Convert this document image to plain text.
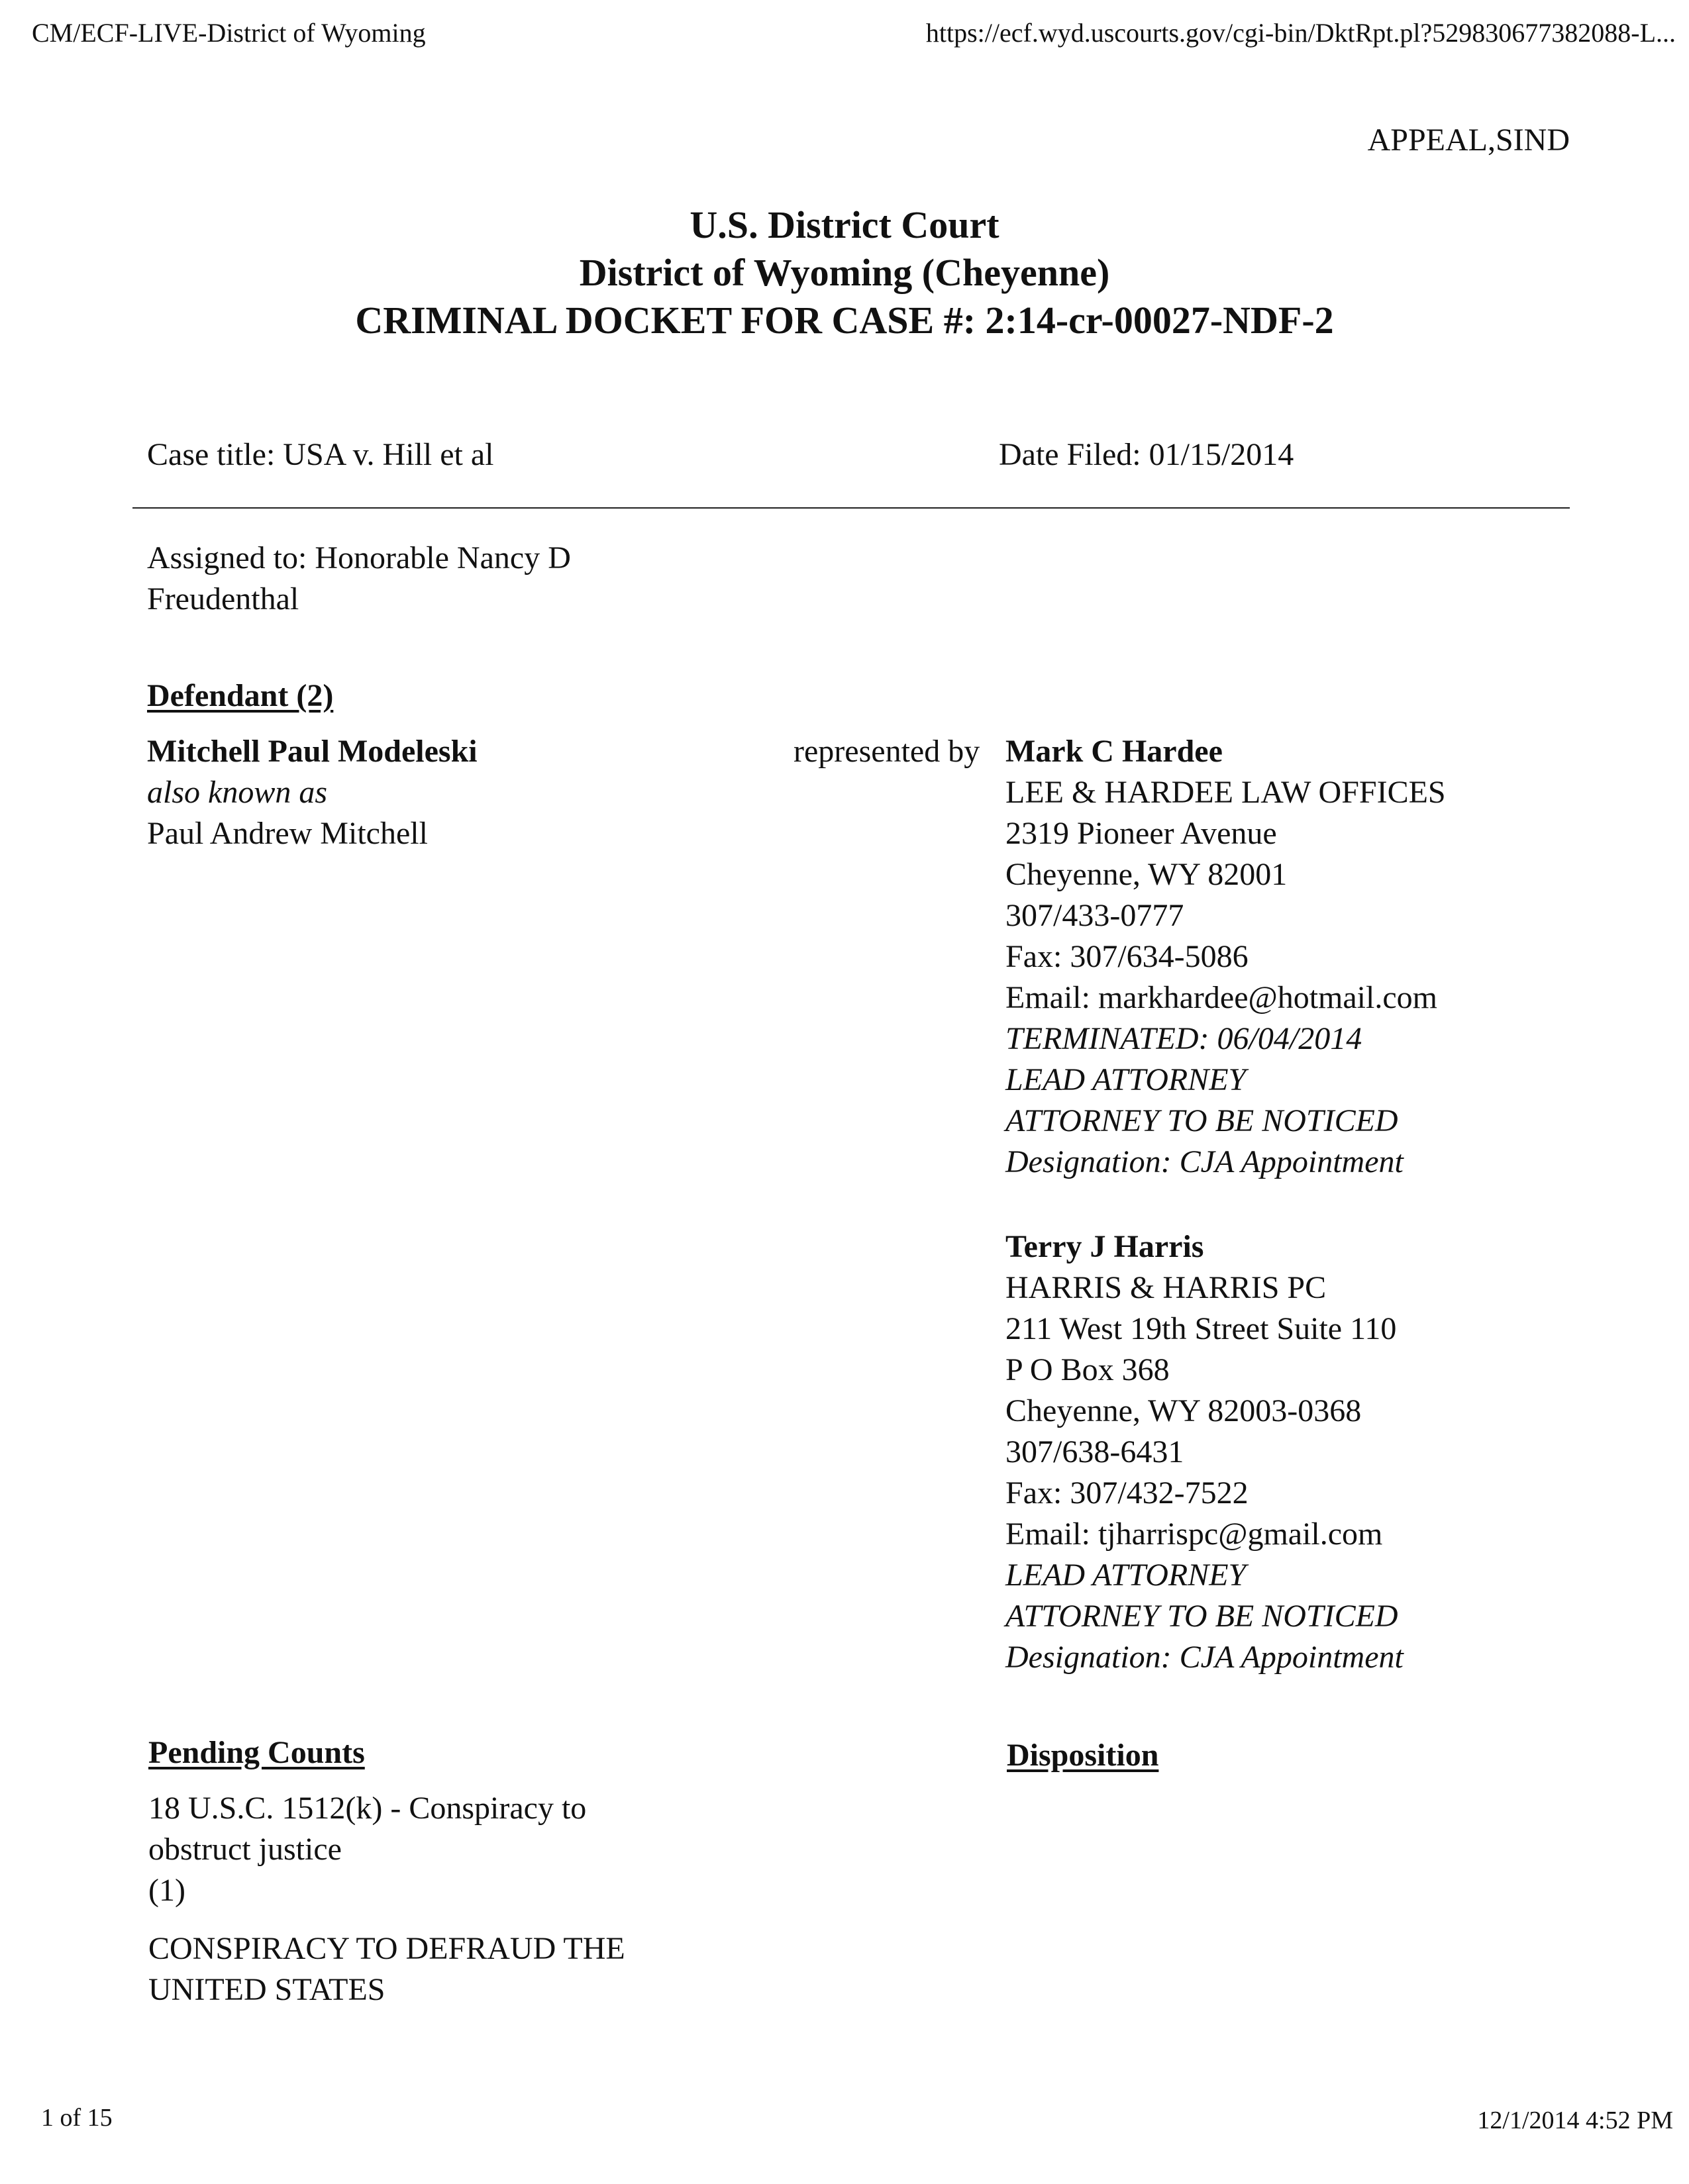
CM/ECF-LIVE-District of Wyoming	https://ecf.wyd.uscourts.gov/cgi-bin/DktRpt.pl?529830677382088-L...
APPEAL,SIND
U.S. District Court
District of Wyoming (Cheyenne)
CRIMINAL DOCKET FOR CASE #: 2:14-cr-00027-NDF-2
Case title: USA v. Hill et al	Date Filed: 01/15/2014
Assigned to: Honorable Nancy D
Freudenthal
Defendant (2)
Mitchell Paul Modeleski
also known as
Paul Andrew Mitchell
represented by Mark C Hardee
LEE & HARDEE LAW OFFICES
2319 Pioneer Avenue
Cheyenne, WY 82001
307/433-0777
Fax: 307/634-5086
Email: markhardee@hotmail.com
TERMINATED: 06/04/2014
LEAD ATTORNEY
ATTORNEY TO BE NOTICED
Designation: CJA Appointment
Terry J Harris
HARRIS & HARRIS PC
211 West 19th Street Suite 110
P O Box 368
Cheyenne, WY 82003-0368
307/638-6431
Fax: 307/432-7522
Email: tjharrispc@gmail.com
LEAD ATTORNEY
ATTORNEY TO BE NOTICED
Designation: CJA Appointment
Pending Counts	Disposition
18 U.S.C. 1512(k) - Conspiracy to
obstruct justice
(1)
CONSPIRACY TO DEFRAUD THE
UNITED STATES
1 of 15	12/1/2014 4:52 PM
